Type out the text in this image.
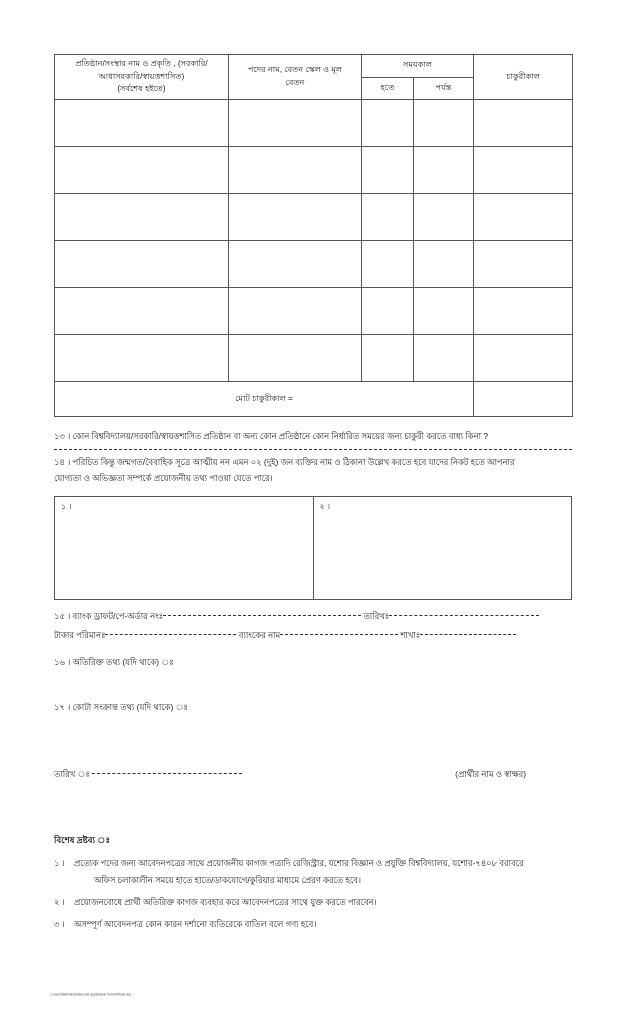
প্রতিষ্ঠান/সংস্থার নাম ও প্রকৃতি , (সরকারি/
আধাসরকারি/স্বায়ত্তশাসিত)
(সর্বশেষ হইতে)	পদের নাম, বেতন স্কেল ও মূল
বেতন	সময়কাল		চাকুরীকাল
		হতে	পর্যন্ত	

মোট চাকুরীকাল =				
১৩ । কোন বিশ্ববিদ্যালয়/সরকারি/স্বায়ত্তশাসিত প্রতিষ্ঠান বা অন্য কোন প্রতিষ্ঠানে কোন নির্ধারিত সময়ের জন্য চাকুরী করতে বাধ্য কিনা ?
১৪ । পরিচিত কিন্তু জন্মগত/বৈবাহিক সূত্রে আত্মীয় নন এমন ০২ (দুই) জন ব্যক্তির নাম ও ঠিকানা উল্লেখ করতে হবে যাদের নিকট হতে আপনার
যোগ্যতা ও অভিজ্ঞতা সম্পর্কে প্রয়োজনীয় তথ্য পাওয়া যেতে পারে।
১ ।	২ ।
১৫ । ব্যাংক ড্রাফট/পে-অর্ডার নংঃ	তারিখঃ
টাকার পরিমানঃ	ব্যাংকের নাম	শাখাঃ
১৬ । অতিরিক্ত তথ্য (যদি থাকে) ঃ
১৭ । কোটা সংক্রান্ত তথ্য (যদি থাকে) ঃ
তারিখ ঃ	(প্রার্থীর নাম ও স্বাক্ষর)
বিশেষ দ্রষ্টব্য ঃ
১ ।	প্রত্যেক পদের জন্য আবেদনপত্রের সাথে প্রয়োজনীয় কাগজ পত্রাদি রেজিস্ট্রার, যশোর বিজ্ঞান ও প্রযুক্তি বিশ্ববিদ্যালয়, যশোর-৭৪০৮ বরাবরে
অফিস চলাকালীন সময়ে হাতে হাতে/ডাকযোগে/কুরিয়ার মাধ্যমে প্রেরণ করতে হবে।
২ ।	প্রয়োজনবোধে প্রার্থী অতিরিক্ত কাগজ ব্যবহার করে আবেদনপত্রের সাথে যুক্ত করতে পারবেন।
৩ ।	অসম্পূর্ণ আবেদনপত্র কোন কারন দর্শানো ব্যতিরেকে বাতিল বলে গণ্য হবে।
c:\users\administration\Job application form\Official.doc
